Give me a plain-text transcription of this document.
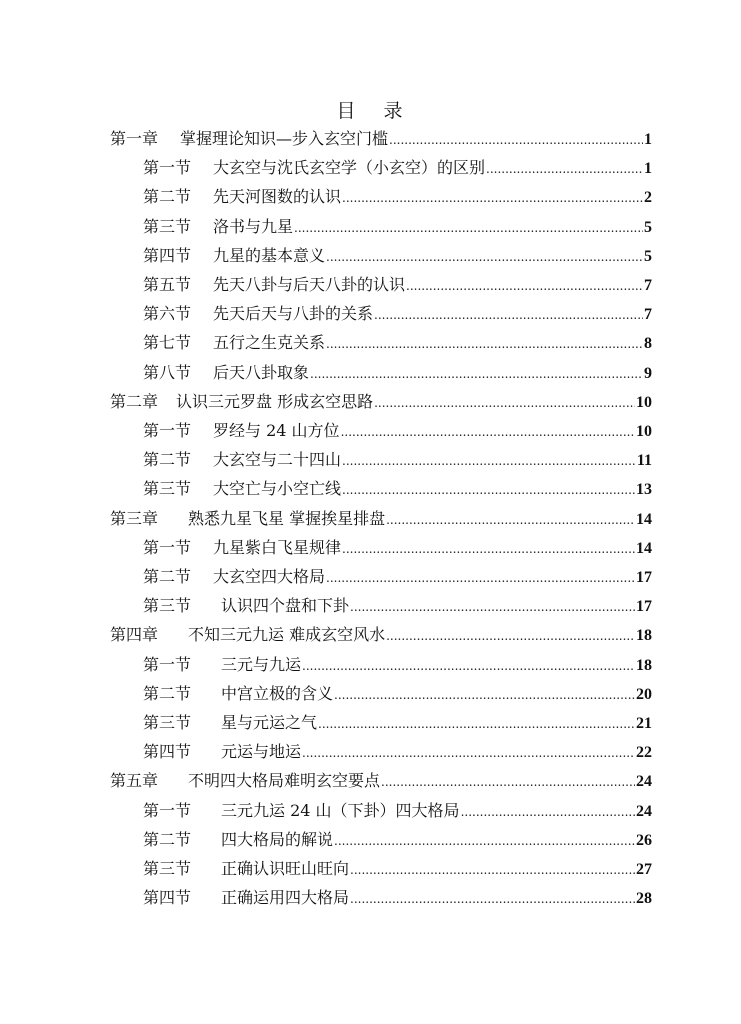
目 录
第一章 掌握理论知识—步入玄空门槛 .....	1
第一节 大玄空与沈氏玄空学（小玄空）的区别 .....	1
第二节 先天河图数的认识 .....	2
第三节 洛书与九星 .....	5
第四节 九星的基本意义 .....	5
第五节 先天八卦与后天八卦的认识 .....	7
第六节 先天后天与八卦的关系 .....	7
第七节 五行之生克关系 .....	8
第八节 后天八卦取象 .....	9
第二章 认识三元罗盘 形成玄空思路 .....	10
第一节 罗经与 24 山方位 .....	10
第二节 大玄空与二十四山 .....	11
第三节 大空亡与小空亡线 .....	13
第三章 熟悉九星飞星 掌握挨星排盘 .....	14
第一节 九星紫白飞星规律 .....	14
第二节 大玄空四大格局 .....	17
第三节 认识四个盘和下卦 .....	17
第四章 不知三元九运 难成玄空风水 .....	18
第一节 三元与九运 .....	18
第二节 中宫立极的含义 .....	20
第三节 星与元运之气 .....	21
第四节 元运与地运 .....	22
第五章 不明四大格局难明玄空要点 .....	24
第一节 三元九运 24 山（下卦）四大格局 .....	24
第二节 四大格局的解说 .....	26
第三节 正确认识旺山旺向 .....	27
第四节 正确运用四大格局 .....	28
